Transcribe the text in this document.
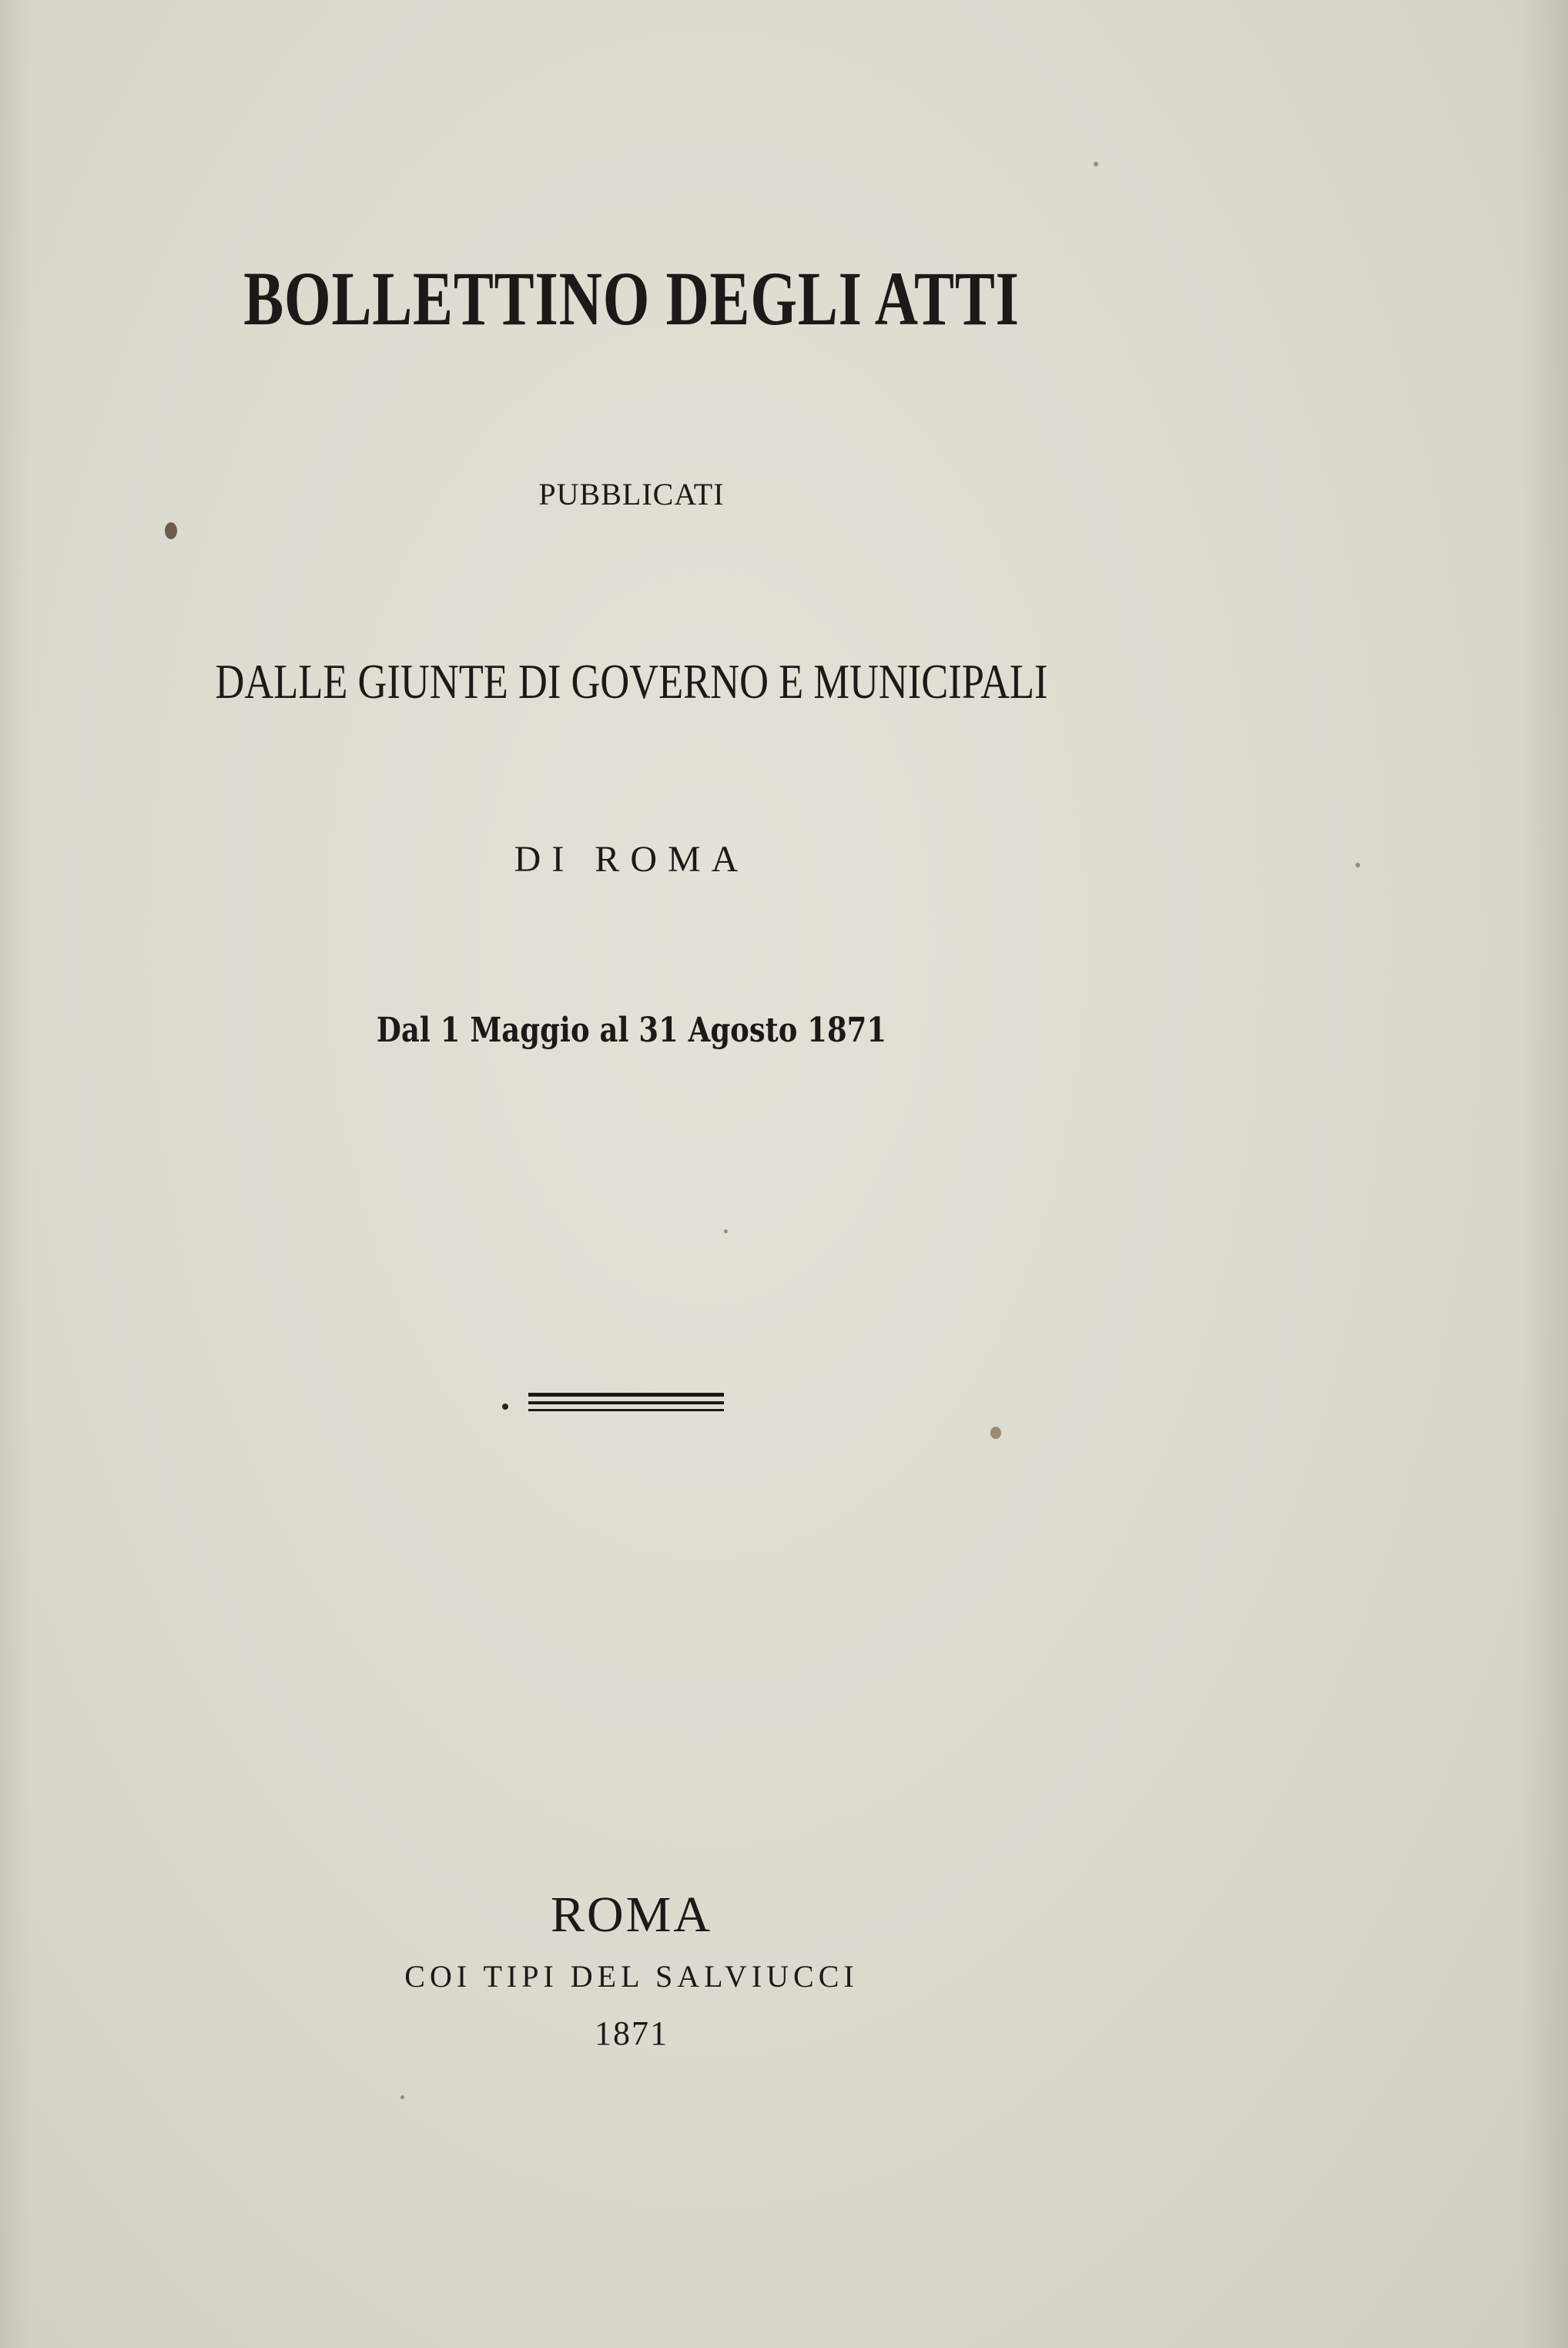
BOLLETTINO DEGLI ATTI
PUBBLICATI
DALLE GIUNTE DI GOVERNO E MUNICIPALI
DI ROMA
Dal 1 Maggio al 31 Agosto 1871
ROMA
COI TIPI DEL SALVIUCCI
1871
